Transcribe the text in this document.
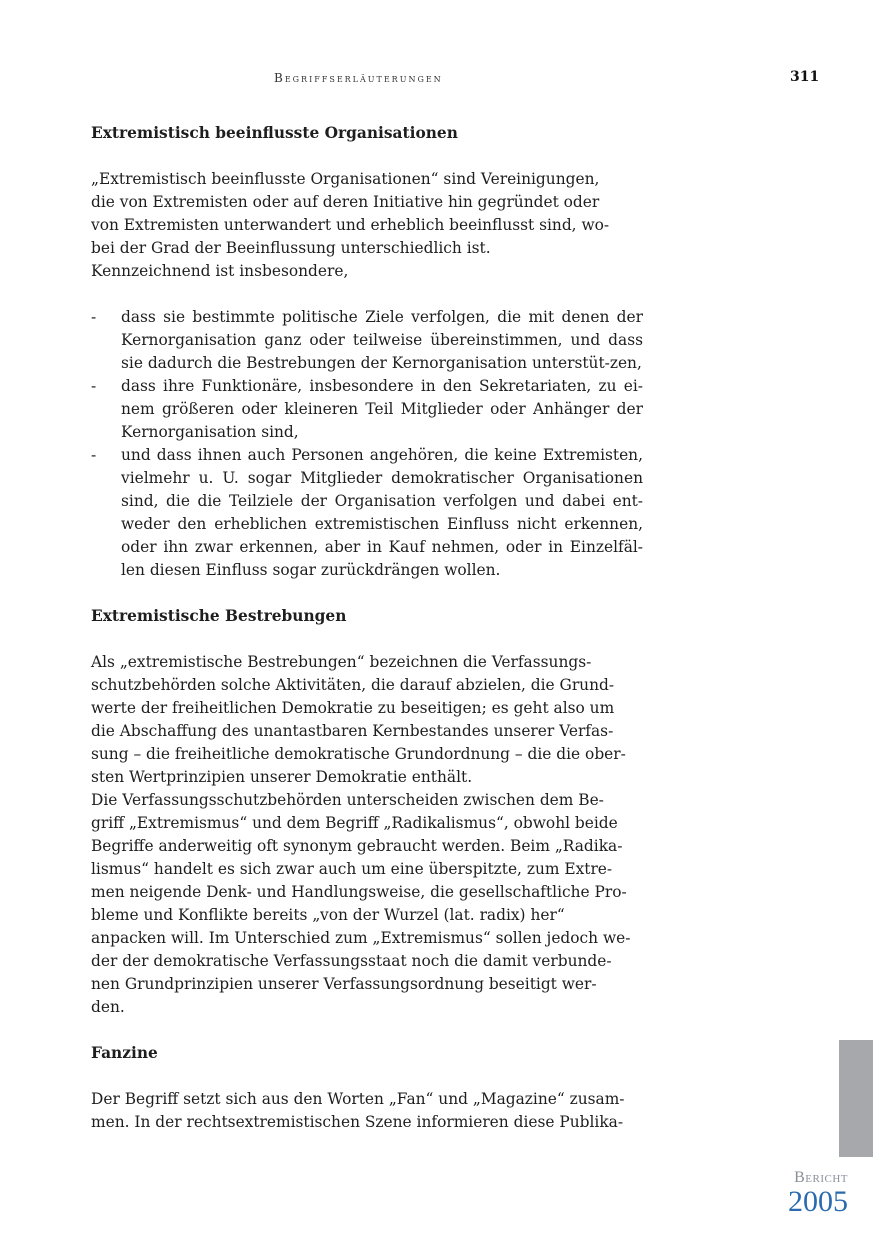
Begriffserläuterungen	311
Extremistisch beeinflusste Organisationen

„Extremistisch beeinflusste Organisationen“ sind Vereinigungen,

die von Extremisten oder auf deren Initiative hin gegründet oder

von Extremisten unterwandert und erheblich beeinflusst sind, wo-

bei der Grad der Beeinflussung unterschiedlich ist.

Kennzeichnend ist insbesondere,

- dass sie bestimmte politische Ziele verfolgen, die mit denen der Kernorganisation ganz oder teilweise übereinstimmen, und dass sie dadurch die Bestrebungen der Kernorganisation unterstüt-zen,
- dass ihre Funktionäre, insbesondere in den Sekretariaten, zu ei-nem größeren oder kleineren Teil Mitglieder oder Anhänger der Kernorganisation sind,
- und dass ihnen auch Personen angehören, die keine Extremisten, vielmehr u. U. sogar Mitglieder demokratischer Organisationen sind, die die Teilziele der Organisation verfolgen und dabei ent-weder den erheblichen extremistischen Einfluss nicht erkennen, oder ihn zwar erkennen, aber in Kauf nehmen, oder in Einzelfäl-len diesen Einfluss sogar zurückdrängen wollen.
Extremistische Bestrebungen

Als „extremistische Bestrebungen“ bezeichnen die Verfassungs-

schutzbehörden solche Aktivitäten, die darauf abzielen, die Grund-

werte der freiheitlichen Demokratie zu beseitigen; es geht also um

die Abschaffung des unantastbaren Kernbestandes unserer Verfas-

sung – die freiheitliche demokratische Grundordnung – die die ober-

sten Wertprinzipien unserer Demokratie enthält.

Die Verfassungsschutzbehörden unterscheiden zwischen dem Be-

griff „Extremismus“ und dem Begriff „Radikalismus“, obwohl beide

Begriffe anderweitig oft synonym gebraucht werden. Beim „Radika-

lismus“ handelt es sich zwar auch um eine überspitzte, zum Extre-

men neigende Denk- und Handlungsweise, die gesellschaftliche Pro-

bleme und Konflikte bereits „von der Wurzel (lat. radix) her“

anpacken will. Im Unterschied zum „Extremismus“ sollen jedoch we-

der der demokratische Verfassungsstaat noch die damit verbunde-

nen Grundprinzipien unserer Verfassungsordnung beseitigt wer-

den.

Fanzine

Der Begriff setzt sich aus den Worten „Fan“ und „Magazine“ zusam-

men. In der rechtsextremistischen Szene informieren diese Publika-

Bericht
2005
